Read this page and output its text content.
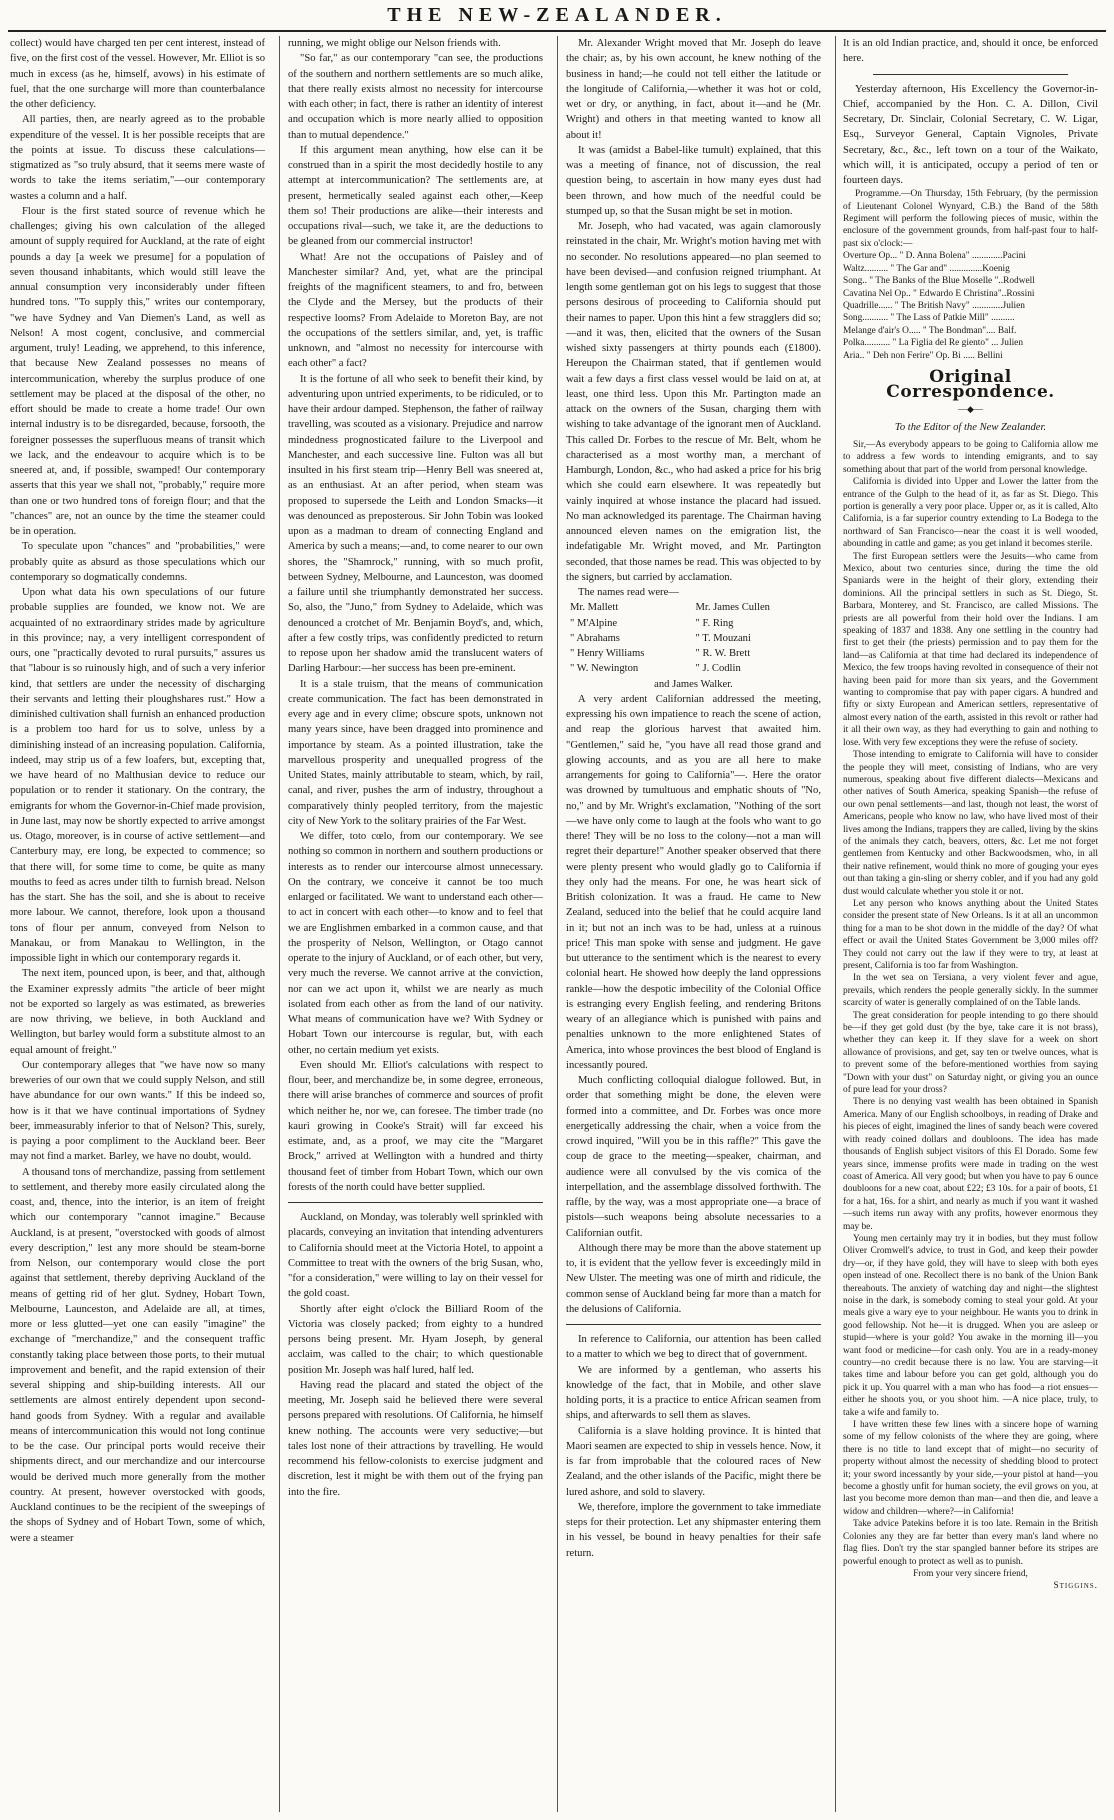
THE NEW-ZEALANDER.

collect) would have charged ten per cent interest, instead of five, on the first cost of the vessel. However, Mr. Elliot is so much in excess (as he, himself, avows) in his estimate of fuel, that the one surcharge will more than counterbalance the other deficiency.

All parties, then, are nearly agreed as to the probable expenditure of the vessel. It is her possible receipts that are the points at issue. To discuss these calculations—stigmatized as "so truly absurd, that it seems mere waste of words to take the items seriatim,"—our contemporary wastes a column and a half.

Flour is the first stated source of revenue which he challenges; giving his own calculation of the alleged amount of supply required for Auckland, at the rate of eight pounds a day [a week we presume] for a population of seven thousand inhabitants, which would still leave the annual consumption very inconsiderably under fifteen hundred tons. "To supply this," writes our contemporary, "we have Sydney and Van Diemen's Land, as well as Nelson! A most cogent, conclusive, and commercial argument, truly! Leading, we apprehend, to this inference, that because New Zealand possesses no means of intercommunication, whereby the surplus produce of one settlement may be placed at the disposal of the other, no effort should be made to create a home trade! Our own internal industry is to be disregarded, because, forsooth, the foreigner possesses the superfluous means of transit which we lack, and the endeavour to acquire which is to be sneered at, and, if possible, swamped! Our contemporary asserts that this year we shall not, "probably," require more than one or two hundred tons of foreign flour; and that the "chances" are, not an ounce by the time the steamer could be in operation.

To speculate upon "chances" and "probabilities," were probably quite as absurd as those speculations which our contemporary so dogmatically condemns.

Upon what data his own speculations of our future probable supplies are founded, we know not. We are acquainted of no extraordinary strides made by agriculture in this province; nay, a very intelligent correspondent of ours, one "practically devoted to rural pursuits," assures us that "labour is so ruinously high, and of such a very inferior kind, that settlers are under the necessity of discharging their servants and letting their ploughshares rust." How a diminished cultivation shall furnish an enhanced production is a problem too hard for us to solve, unless by a diminishing instead of an increasing population. California, indeed, may strip us of a few loafers, but, excepting that, we have heard of no Malthusian device to reduce our population or to render it stationary. On the contrary, the emigrants for whom the Governor-in-Chief made provision, in June last, may now be shortly expected to arrive amongst us. Otago, moreover, is in course of active settlement—and Canterbury may, ere long, be expected to commence; so that there will, for some time to come, be quite as many mouths to feed as acres under tilth to furnish bread. Nelson has the start. She has the soil, and she is about to receive more labour. We cannot, therefore, look upon a thousand tons of flour per annum, conveyed from Nelson to Manakau, or from Manakau to Wellington, in the impossible light in which our contemporary regards it.

The next item, pounced upon, is beer, and that, although the Examiner expressly admits "the article of beer might not be exported so largely as was estimated, as breweries are now thriving, we believe, in both Auckland and Wellington, but barley would form a substitute almost to an equal amount of freight."

Our contemporary alleges that "we have now so many breweries of our own that we could supply Nelson, and still have abundance for our own wants." If this be indeed so, how is it that we have continual importations of Sydney beer, immeasurably inferior to that of Nelson? This, surely, is paying a poor compliment to the Auckland beer. Beer may not find a market. Barley, we have no doubt, would.

A thousand tons of merchandize, passing from settlement to settlement, and thereby more easily circulated along the coast, and, thence, into the interior, is an item of freight which our contemporary "cannot imagine." Because Auckland, is at present, "overstocked with goods of almost every description," lest any more should be steam-borne from Nelson, our contemporary would close the port against that settlement, thereby depriving Auckland of the means of getting rid of her glut. Sydney, Hobart Town, Melbourne, Launceston, and Adelaide are all, at times, more or less glutted—yet one can easily "imagine" the exchange of "merchandize," and the consequent traffic constantly taking place between those ports, to their mutual improvement and benefit, and the rapid extension of their several shipping and ship-building interests. All our settlements are almost entirely dependent upon second-hand goods from Sydney. With a regular and available means of intercommunication this would not long continue to be the case. Our principal ports would receive their shipments direct, and our merchandize and our intercourse would be derived much more generally from the mother country. At present, however overstocked with goods, Auckland continues to be the recipient of the sweepings of the shops of Sydney and of Hobart Town, some of which, were a steamer

running, we might oblige our Nelson friends with.

"So far," as our contemporary "can see, the productions of the southern and northern settlements are so much alike, that there really exists almost no necessity for intercourse with each other; in fact, there is rather an identity of interest and occupation which is more nearly allied to opposition than to mutual dependence."

If this argument mean anything, how else can it be construed than in a spirit the most decidedly hostile to any attempt at intercommunication? The settlements are, at present, hermetically sealed against each other,—Keep them so! Their productions are alike—their interests and occupations rival—such, we take it, are the deductions to be gleaned from our commercial instructor!

What! Are not the occupations of Paisley and of Manchester similar? And, yet, what are the principal freights of the magnificent steamers, to and fro, between the Clyde and the Mersey, but the products of their respective looms? From Adelaide to Moreton Bay, are not the occupations of the settlers similar, and, yet, is traffic unknown, and "almost no necessity for intercourse with each other" a fact?

It is the fortune of all who seek to benefit their kind, by adventuring upon untried experiments, to be ridiculed, or to have their ardour damped. Stephenson, the father of railway travelling, was scouted as a visionary. Prejudice and narrow mindedness prognosticated failure to the Liverpool and Manchester, and each successive line. Fulton was all but insulted in his first steam trip—Henry Bell was sneered at, as an enthusiast. At an after period, when steam was proposed to supersede the Leith and London Smacks—it was denounced as preposterous. Sir John Tobin was looked upon as a madman to dream of connecting England and America by such a means;—and, to come nearer to our own shores, the "Shamrock," running, with so much profit, between Sydney, Melbourne, and Launceston, was doomed a failure until she triumphantly demonstrated her success. So, also, the "Juno," from Sydney to Adelaide, which was denounced a crotchet of Mr. Benjamin Boyd's, and, which, after a few costly trips, was confidently predicted to return to repose upon her shadow amid the translucent waters of Darling Harbour:—her success has been pre-eminent.

It is a stale truism, that the means of communication create communication. The fact has been demonstrated in every age and in every clime; obscure spots, unknown not many years since, have been dragged into prominence and importance by steam. As a pointed illustration, take the marvellous prosperity and unequalled progress of the United States, mainly attributable to steam, which, by rail, canal, and river, pushes the arm of industry, throughout a comparatively thinly peopled territory, from the majestic city of New York to the solitary prairies of the Far West.

We differ, toto cœlo, from our contemporary. We see nothing so common in northern and southern productions or interests as to render our intercourse almost unnecessary. On the contrary, we conceive it cannot be too much enlarged or facilitated. We want to understand each other—to act in concert with each other—to know and to feel that we are Englishmen embarked in a common cause, and that the prosperity of Nelson, Wellington, or Otago cannot operate to the injury of Auckland, or of each other, but very, very much the reverse. We cannot arrive at the conviction, nor can we act upon it, whilst we are nearly as much isolated from each other as from the land of our nativity. What means of communication have we? With Sydney or Hobart Town our intercourse is regular, but, with each other, no certain medium yet exists.

Even should Mr. Elliot's calculations with respect to flour, beer, and merchandize be, in some degree, erroneous, there will arise branches of commerce and sources of profit which neither he, nor we, can foresee. The timber trade (no kauri growing in Cooke's Strait) will far exceed his estimate, and, as a proof, we may cite the "Margaret Brock," arrived at Wellington with a hundred and thirty thousand feet of timber from Hobart Town, which our own forests of the north could have better supplied.

Auckland, on Monday, was tolerably well sprinkled with placards, conveying an invitation that intending adventurers to California should meet at the Victoria Hotel, to appoint a Committee to treat with the owners of the brig Susan, who, "for a consideration," were willing to lay on their vessel for the gold coast.

Shortly after eight o'clock the Billiard Room of the Victoria was closely packed; from eighty to a hundred persons being present. Mr. Hyam Joseph, by general acclaim, was called to the chair; to which questionable position Mr. Joseph was half lured, half led.

Having read the placard and stated the object of the meeting, Mr. Joseph said he believed there were several persons prepared with resolutions. Of California, he himself knew nothing. The accounts were very seductive;—but tales lost none of their attractions by travelling. He would recommend his fellow-colonists to exercise judgment and discretion, lest it might be with them out of the frying pan into the fire.

Mr. Alexander Wright moved that Mr. Joseph do leave the chair; as, by his own account, he knew nothing of the business in hand;—he could not tell either the latitude or the longitude of California,—whether it was hot or cold, wet or dry, or anything, in fact, about it—and he (Mr. Wright) and others in that meeting wanted to know all about it!

It was (amidst a Babel-like tumult) explained, that this was a meeting of finance, not of discussion, the real question being, to ascertain in how many eyes dust had been thrown, and how much of the needful could be stumped up, so that the Susan might be set in motion.

Mr. Joseph, who had vacated, was again clamorously reinstated in the chair, Mr. Wright's motion having met with no seconder. No resolutions appeared—no plan seemed to have been devised—and confusion reigned triumphant. At length some gentleman got on his legs to suggest that those persons desirous of proceeding to California should put their names to paper. Upon this hint a few stragglers did so;—and it was, then, elicited that the owners of the Susan wished sixty passengers at thirty pounds each (£1800). Hereupon the Chairman stated, that if gentlemen would wait a few days a first class vessel would be laid on at, at least, one third less. Upon this Mr. Partington made an attack on the owners of the Susan, charging them with wishing to take advantage of the ignorant men of Auckland. This called Dr. Forbes to the rescue of Mr. Belt, whom he characterised as a most worthy man, a merchant of Hamburgh, London, &c., who had asked a price for his brig which she could earn elsewhere. It was repeatedly but vainly inquired at whose instance the placard had issued. No man acknowledged its parentage. The Chairman having announced eleven names on the emigration list, the indefatigable Mr. Wright moved, and Mr. Partington seconded, that those names be read. This was objected to by the signers, but carried by acclamation.

The names read were—

Mr. Mallett
" M'Alpine
" Abrahams
" Henry Williams
" W. Newington
Mr. James Cullen
" F. Ring
" T. Mouzani
" R. W. Brett
" J. Codlin
and James Walker.

A very ardent Californian addressed the meeting, expressing his own impatience to reach the scene of action, and reap the glorious harvest that awaited him. "Gentlemen," said he, "you have all read those grand and glowing accounts, and as you are all here to make arrangements for going to California"—. Here the orator was drowned by tumultuous and emphatic shouts of "No, no," and by Mr. Wright's exclamation, "Nothing of the sort—we have only come to laugh at the fools who want to go there! They will be no loss to the colony—not a man will regret their departure!" Another speaker observed that there were plenty present who would gladly go to California if they only had the means. For one, he was heart sick of British colonization. It was a fraud. He came to New Zealand, seduced into the belief that he could acquire land in it; but not an inch was to be had, unless at a ruinous price! This man spoke with sense and judgment. He gave but utterance to the sentiment which is the nearest to every colonial heart. He showed how deeply the land oppressions rankle—how the despotic imbecility of the Colonial Office is estranging every English feeling, and rendering Britons weary of an allegiance which is punished with pains and penalties unknown to the more enlightened States of America, into whose provinces the best blood of England is incessantly poured.

Much conflicting colloquial dialogue followed. But, in order that something might be done, the eleven were formed into a committee, and Dr. Forbes was once more energetically addressing the chair, when a voice from the crowd inquired, "Will you be in this raffle?" This gave the coup de grace to the meeting—speaker, chairman, and audience were all convulsed by the vis comica of the interpellation, and the assemblage dissolved forthwith. The raffle, by the way, was a most appropriate one—a brace of pistols—such weapons being absolute necessaries to a Californian outfit.

Although there may be more than the above statement up to, it is evident that the yellow fever is exceedingly mild in New Ulster. The meeting was one of mirth and ridicule, the common sense of Auckland being far more than a match for the delusions of California.

In reference to California, our attention has been called to a matter to which we beg to direct that of government.

We are informed by a gentleman, who asserts his knowledge of the fact, that in Mobile, and other slave holding ports, it is a practice to entice African seamen from ships, and afterwards to sell them as slaves.

California is a slave holding province. It is hinted that Maori seamen are expected to ship in vessels hence. Now, it is far from improbable that the coloured races of New Zealand, and the other islands of the Pacific, might there be lured ashore, and sold to slavery.

We, therefore, implore the government to take immediate steps for their protection. Let any shipmaster entering them in his vessel, be bound in heavy penalties for their safe return.

It is an old Indian practice, and, should it once, be enforced here.

Yesterday afternoon, His Excellency the Governor-in-Chief, accompanied by the Hon. C. A. Dillon, Civil Secretary, Dr. Sinclair, Colonial Secretary, C. W. Ligar, Esq., Surveyor General, Captain Vignoles, Private Secretary, &c., &c., left town on a tour of the Waikato, which will, it is anticipated, occupy a period of ten or fourteen days.

Programme.—On Thursday, 15th February, (by the permission of Lieutenant Colonel Wynyard, C.B.) the Band of the 58th Regiment will perform the following pieces of music, within the enclosure of the government grounds, from half-past four to half-past six o'clock:—

Overture Op... " D. Anna Bolena" .............Pacini
Waltz.......... " The Gar and" ..............Koenig
Song.. " The Banks of the Blue Moselle "..Rodwell
Cavatina Nel Op.. " Edwardo E Christina"..Rossini
Quadrille...... " The British Navy" .............Julien
Song........... " The Lass of Patkie Mill" ..........
Melange d'air's O..... " The Bondman".... Balf.
Polka........... " La Figlia del Re giento" ... Julien
Aria.. " Deh non Ferire" Op. Bi ..... Bellini
Original Correspondence.
—◆—
To the Editor of the New Zealander.

Sir,—As everybody appears to be going to California allow me to address a few words to intending emigrants, and to say something about that part of the world from personal knowledge.

California is divided into Upper and Lower the latter from the entrance of the Gulph to the head of it, as far as St. Diego. This portion is generally a very poor place. Upper or, as it is called, Alto California, is a far superior country extending to La Bodega to the northward of San Francisco—near the coast it is well wooded, abounding in cattle and game; as you get inland it becomes sterile.

The first European settlers were the Jesuits—who came from Mexico, about two centuries since, during the time the old Spaniards were in the height of their glory, extending their dominions. All the principal settlers in such as St. Diego, St. Barbara, Monterey, and St. Francisco, are called Missions. The priests are all powerful from their hold over the Indians. I am speaking of 1837 and 1838. Any one settling in the country had first to get their (the priests) permission and to pay them for the land—as California at that time had declared its independence of Mexico, the few troops having revolted in consequence of their not having been paid for more than six years, and the Government wanting to compromise that pay with paper cigars. A hundred and fifty or sixty European and American settlers, representative of almost every nation of the earth, assisted in this revolt or rather had it all their own way, as they had everything to gain and nothing to lose. With very few exceptions they were the refuse of society.

Those intending to emigrate to California will have to consider the people they will meet, consisting of Indians, who are very numerous, speaking about five different dialects—Mexicans and other natives of South America, speaking Spanish—the refuse of our own penal settlements—and last, though not least, the worst of Americans, people who know no law, who have lived most of their lives among the Indians, trappers they are called, living by the skins of the animals they catch, beavers, otters, &c. Let me not forget gentlemen from Kentucky and other Backwoodsmen, who, in all their native refinement, would think no more of gouging your eyes out than taking a gin-sling or sherry cobler, and if you had any gold dust would calculate whether you stole it or not.

Let any person who knows anything about the United States consider the present state of New Orleans. Is it at all an uncommon thing for a man to be shot down in the middle of the day? Of what effect or avail the United States Government be 3,000 miles off? They could not carry out the law if they were to try, at least at present, California is too far from Washington.

In the wet sea on Tersiana, a very violent fever and ague, prevails, which renders the people generally sickly. In the summer scarcity of water is generally complained of on the Table lands.

The great consideration for people intending to go there should be—if they get gold dust (by the bye, take care it is not brass), whether they can keep it. If they slave for a week on short allowance of provisions, and get, say ten or twelve ounces, what is to prevent some of the before-mentioned worthies from saying "Down with your dust" on Saturday night, or giving you an ounce of pure lead for your dross?

There is no denying vast wealth has been obtained in Spanish America. Many of our English schoolboys, in reading of Drake and his pieces of eight, imagined the lines of sandy beach were covered with ready coined dollars and doubloons. The idea has made thousands of English subject visitors of this El Dorado. Some few years since, immense profits were made in trading on the west coast of America. All very good; but when you have to pay 6 ounce doubloons for a new coat, about £22; £3 10s. for a pair of boots, £1 for a hat, 16s. for a shirt, and nearly as much if you want it washed—such items run away with any profits, however enormous they may be.

Young men certainly may try it in bodies, but they must follow Oliver Cromwell's advice, to trust in God, and keep their powder dry—or, if they have gold, they will have to sleep with both eyes open instead of one. Recollect there is no bank of the Union Bank thereabouts. The anxiety of watching day and night—the slightest noise in the dark, is somebody coming to steal your gold. At your meals give a wary eye to your neighbour. He wants you to drink in good fellowship. Not he—it is drugged. When you are asleep or stupid—where is your gold? You awake in the morning ill—you want food or medicine—for cash only. You are in a ready-money country—no credit because there is no law. You are starving—it takes time and labour before you can get gold, although you do pick it up. You quarrel with a man who has food—a riot ensues—either he shoots you, or you shoot him. —A nice place, truly, to take a wife and family to.

I have written these few lines with a sincere hope of warning some of my fellow colonists of the where they are going, where there is no title to land except that of might—no security of property without almost the necessity of shedding blood to protect it; your sword incessantly by your side,—your pistol at hand—you become a ghostly unfit for human society, the evil grows on you, at last you become more demon than man—and then die, and leave a widow and children—where?—in California!

Take advice Patekins before it is too late. Remain in the British Colonies any they are far better than every man's land where no flag flies. Don't try the star spangled banner before its stripes are powerful enough to protect as well as to punish.

From your very sincere friend,
Stiggins.
